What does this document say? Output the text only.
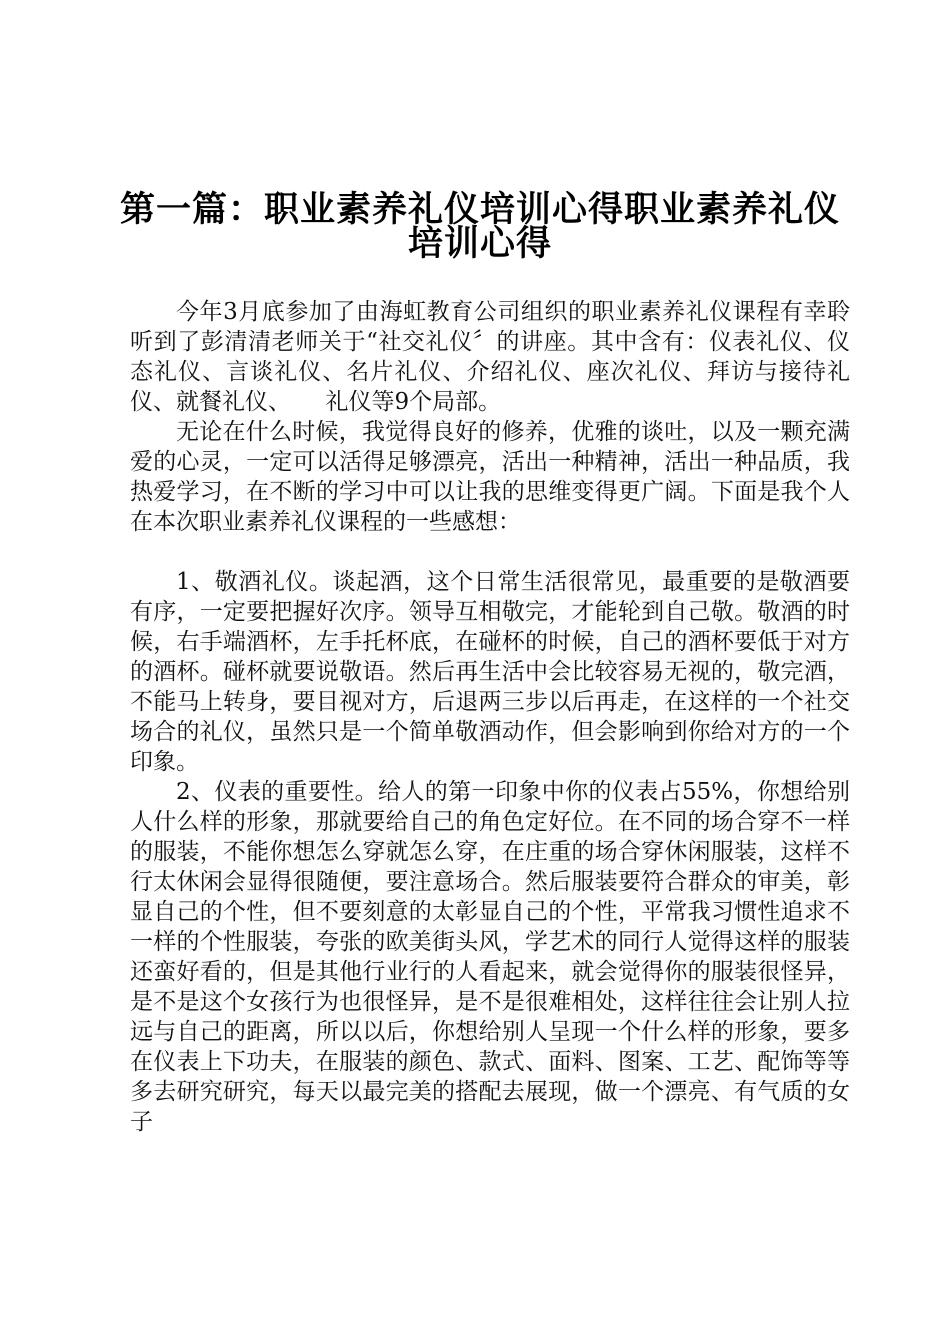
第一篇：职业素养礼仪培训心得职业素养礼仪
培训心得

今年3月底参加了由海虹教育公司组织的职业素养礼仪课程有幸聆听到了彭清清老师关于“社交礼仪〞的讲座。其中含有：仪表礼仪、仪态礼仪、言谈礼仪、名片礼仪、介绍礼仪、座次礼仪、拜访与接待礼仪、就餐礼仪、　　礼仪等9个局部。

无论在什么时候，我觉得良好的修养，优雅的谈吐，以及一颗充满爱的心灵，一定可以活得足够漂亮，活出一种精神，活出一种品质，我热爱学习，在不断的学习中可以让我的思维变得更广阔。下面是我个人在本次职业素养礼仪课程的一些感想：

1、敬酒礼仪。谈起酒，这个日常生活很常见，最重要的是敬酒要有序，一定要把握好次序。领导互相敬完，才能轮到自己敬。敬酒的时候，右手端酒杯，左手托杯底，在碰杯的时候，自己的酒杯要低于对方的酒杯。碰杯就要说敬语。然后再生活中会比较容易无视的，敬完酒，不能马上转身，要目视对方，后退两三步以后再走，在这样的一个社交场合的礼仪，虽然只是一个简单敬酒动作，但会影响到你给对方的一个印象。

2、仪表的重要性。给人的第一印象中你的仪表占55%，你想给别人什么样的形象，那就要给自己的角色定好位。在不同的场合穿不一样的服装，不能你想怎么穿就怎么穿，在庄重的场合穿休闲服装，这样不行太休闲会显得很随便，要注意场合。然后服装要符合群众的审美，彰显自己的个性，但不要刻意的太彰显自己的个性，平常我习惯性追求不一样的个性服装，夸张的欧美街头风，学艺术的同行人觉得这样的服装还蛮好看的，但是其他行业行的人看起来，就会觉得你的服装很怪异，是不是这个女孩行为也很怪异，是不是很难相处，这样往往会让别人拉远与自己的距离，所以以后，你想给别人呈现一个什么样的形象，要多在仪表上下功夫，在服装的颜色、款式、面料、图案、工艺、配饰等等多去研究研究，每天以最完美的搭配去展现，做一个漂亮、有气质的女子
